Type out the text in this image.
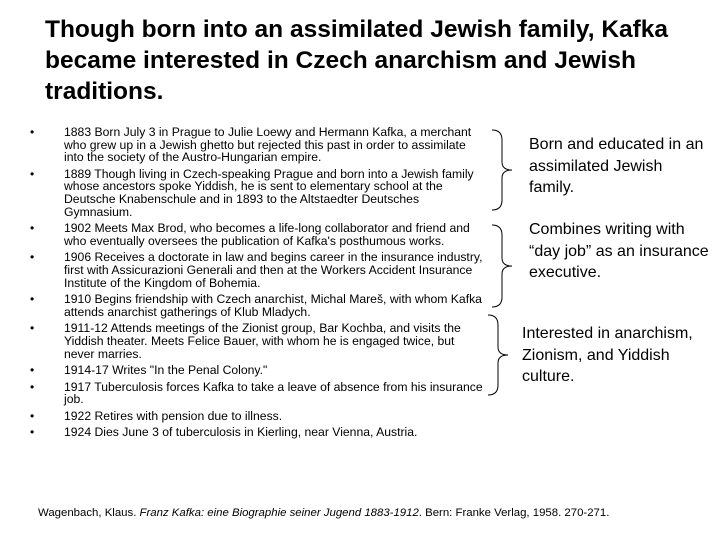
Though born into an assimilated Jewish family, Kafka became interested in Czech anarchism and Jewish traditions.
• 1883 Born July 3 in Prague to Julie Loewy and Hermann Kafka, a merchant who grew up in a Jewish ghetto but rejected this past in order to assimilate into the society of the Austro-Hungarian empire.
• 1889 Though living in Czech-speaking Prague and born into a Jewish family whose ancestors spoke Yiddish, he is sent to elementary school at the Deutsche Knabenschule and in 1893 to the Altstaedter Deutsches Gymnasium.
• 1902 Meets Max Brod, who becomes a life-long collaborator and friend and who eventually oversees the publication of Kafka's posthumous works.
• 1906 Receives a doctorate in law and begins career in the insurance industry, first with Assicurazioni Generali and then at the Workers Accident Insurance Institute of the Kingdom of Bohemia.
• 1910 Begins friendship with Czech anarchist, Michal Mareš, with whom Kafka attends anarchist gatherings of Klub Mladych.
• 1911-12 Attends meetings of the Zionist group, Bar Kochba, and visits the Yiddish theater. Meets Felice Bauer, with whom he is engaged twice, but never marries.
• 1914-17 Writes "In the Penal Colony."
• 1917 Tuberculosis forces Kafka to take a leave of absence from his insurance job.
• 1922 Retires with pension due to illness.
• 1924 Dies June 3 of tuberculosis in Kierling, near Vienna, Austria.
Born and educated in an assimilated Jewish family.
Combines writing with “day job” as an insurance executive.
Interested in anarchism, Zionism, and Yiddish culture.
Wagenbach, Klaus. Franz Kafka: eine Biographie seiner Jugend 1883-1912. Bern: Franke Verlag, 1958. 270-271.
